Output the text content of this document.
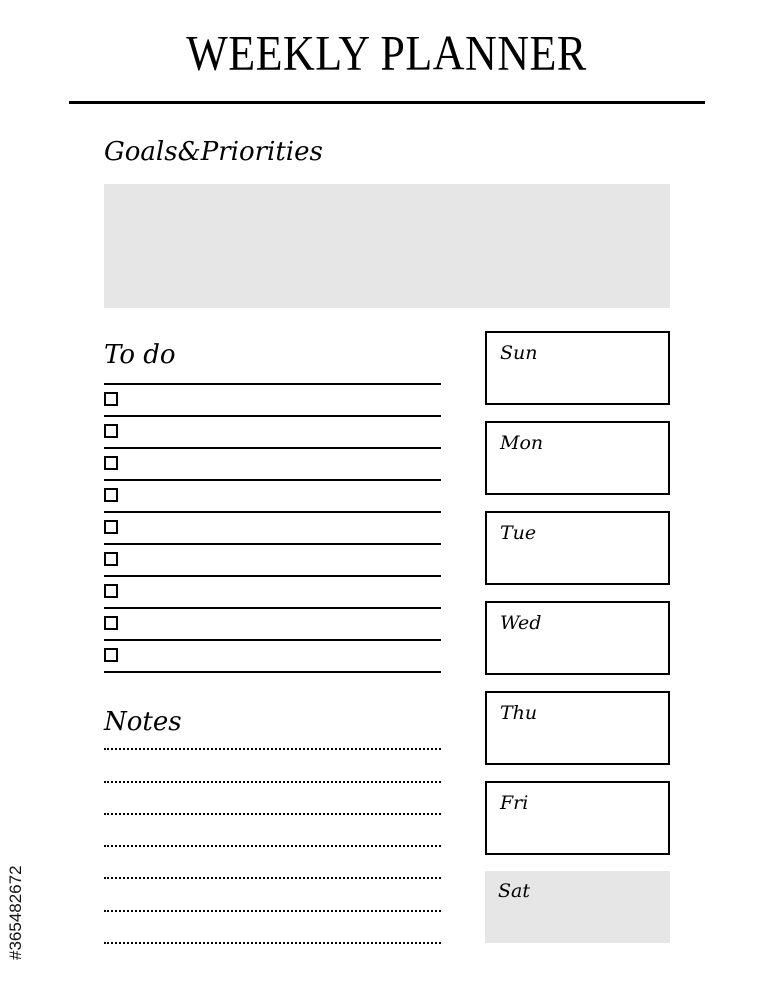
WEEKLY PLANNER
Goals&Priorities
To do
Notes
Sun
Mon
Tue
Wed
Thu
Fri
Sat
#365482672
